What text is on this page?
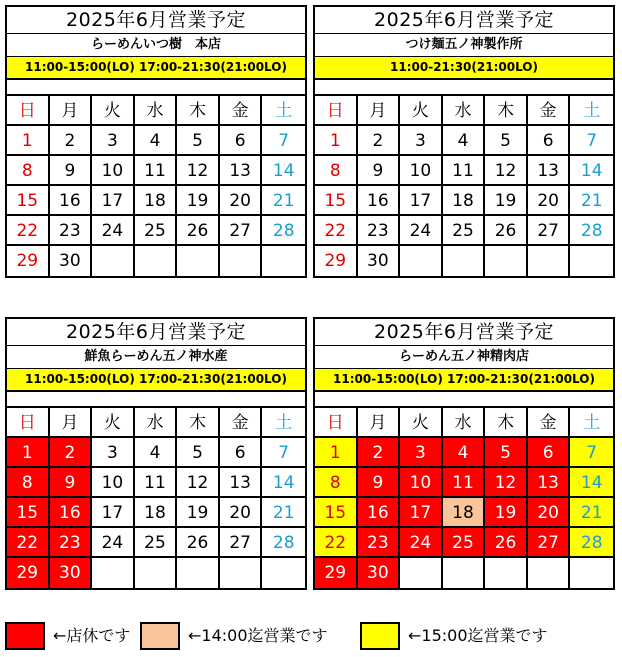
2025年6月営業予定
らーめんいつ樹　本店
11:00-15:00(LO) 17:00-21:30(21:00LO)
日	月	火	水	木	金	土
1	2	3	4	5	6	7
8	9	10	11	12	13	14
15	16	17	18	19	20	21
22	23	24	25	26	27	28
29	30
2025年6月営業予定
つけ麺五ノ神製作所
11:00-21:30(21:00LO)
日	月	火	水	木	金	土
1	2	3	4	5	6	7
8	9	10	11	12	13	14
15	16	17	18	19	20	21
22	23	24	25	26	27	28
29	30
2025年6月営業予定
鮮魚らーめん五ノ神水産
11:00-15:00(LO) 17:00-21:30(21:00LO)
日	月	火	水	木	金	土
1	2	3	4	5	6	7
8	9	10	11	12	13	14
15	16	17	18	19	20	21
22	23	24	25	26	27	28
29	30
2025年6月営業予定
らーめん五ノ神精肉店
11:00-15:00(LO) 17:00-21:30(21:00LO)
日	月	火	水	木	金	土
1	2	3	4	5	6	7
8	9	10	11	12	13	14
15	16	17	18	19	20	21
22	23	24	25	26	27	28
29	30
←店休です	←14:00迄営業です	←15:00迄営業です
